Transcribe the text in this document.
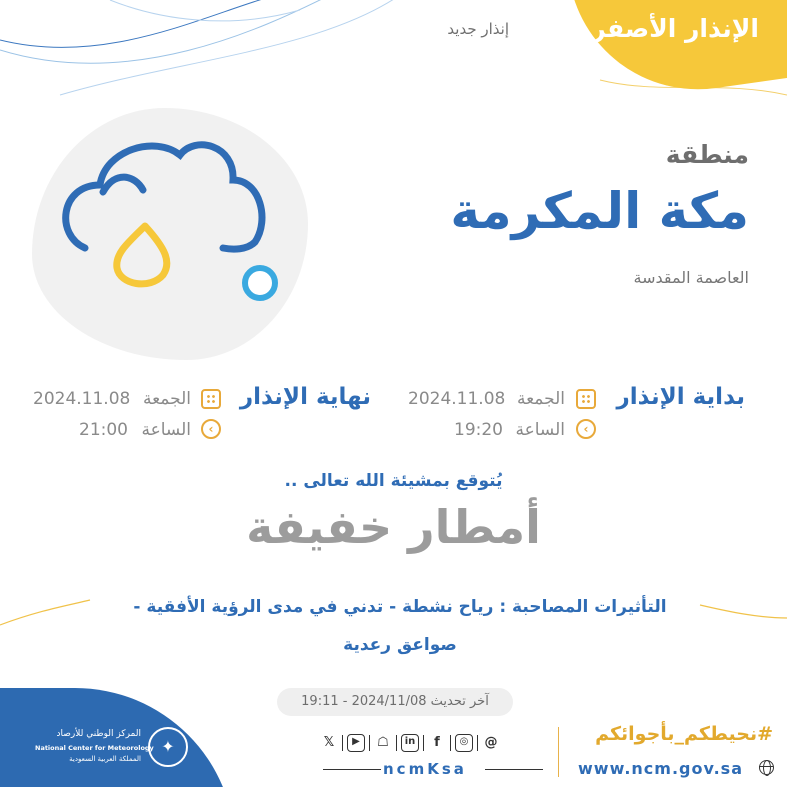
الإنذار الأصفر
إنذار جديد
منطقة
مكة المكرمة
العاصمة المقدسة
بداية الإنذار
الجمعة
2024.11.08
‹
الساعة
19:20
نهاية الإنذار
الجمعة
2024.11.08
‹
الساعة
21:00
يُتوقع بمشيئة الله تعالى ..
أمطار خفيفة
التأثيرات المصاحبة : رياح نشطة - تدني في مدى الرؤية الأفقية -
صواعق رعدية
آخر تحديث 2024/11/08 - 19:11
✦
المركز الوطني للأرصاد
National Center for Meteorology
المملكة العربية السعودية
𝕏	▶	☖	in	f	◎	@
ncmKsa
#نحيطكم_بأجوائكم
www.ncm.gov.sa
